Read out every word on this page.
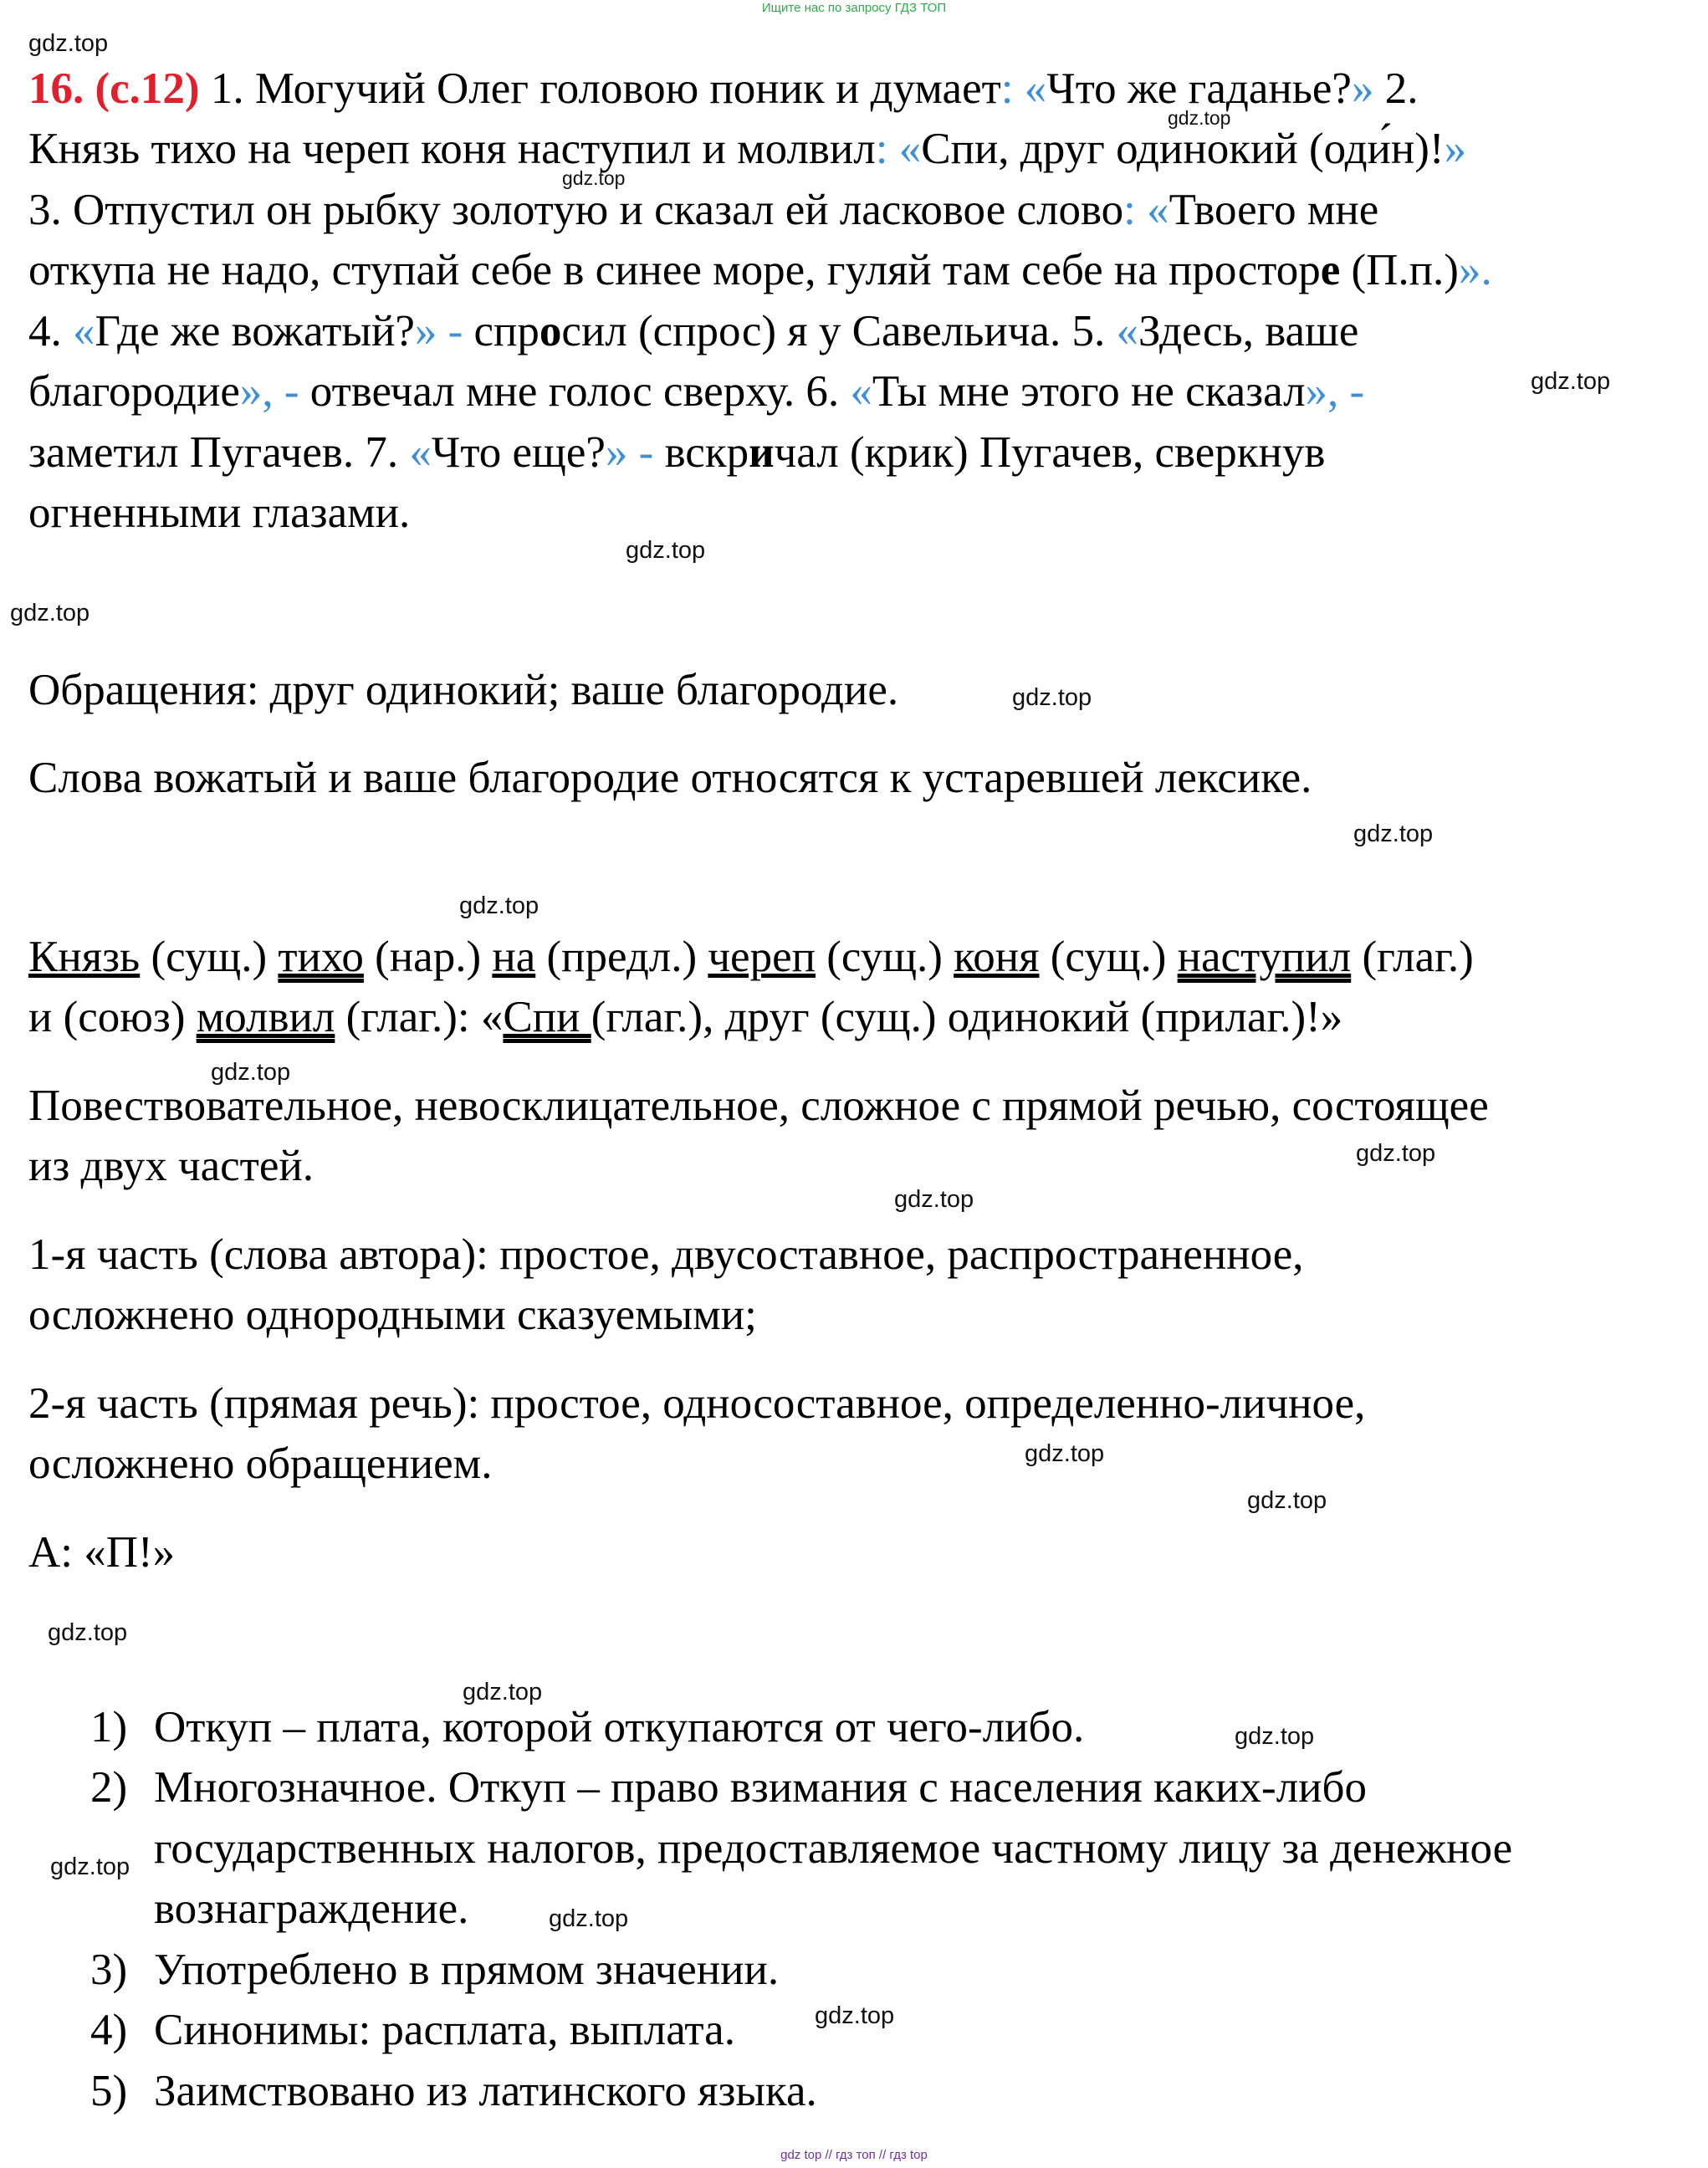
Ищите нас по запросу ГДЗ ТОП
16. (с.12) 1. Могучий Олег головою поник и думает: «Что же гаданье?» 2.
Князь тихо на череп коня наступил и молвил: «Спи, друг одинокий (оди́н)!»
3. Отпустил он рыбку золотую и сказал ей ласковое слово: «Твоего мне
откупа не надо, ступай себе в синее море, гуляй там себе на просторе (П.п.)».
4. «Где же вожатый?» - спросил (спрос) я у Савельича. 5. «Здесь, ваше
благородие», - отвечал мне голос сверху. 6. «Ты мне этого не сказал», -
заметил Пугачев. 7. «Что еще?» - вскричал (крик) Пугачев, сверкнув
огненными глазами.
Обращения: друг одинокий; ваше благородие.
Слова вожатый и ваше благородие относятся к устаревшей лексике.
Князь (сущ.) тихо (нар.) на (предл.) череп (сущ.) коня (сущ.) наступил (глаг.)
и (союз) молвил (глаг.): «Спи (глаг.), друг (сущ.) одинокий (прилаг.)!»
Повествовательное, невосклицательное, сложное с прямой речью, состоящее
из двух частей.
1-я часть (слова автора): простое, двусоставное, распространенное,
осложнено однородными сказуемыми;
2-я часть (прямая речь): простое, односоставное, определенно-личное,
осложнено обращением.
А: «П!»
1) Откуп – плата, которой откупаются от чего-либо.
2) Многозначное. Откуп – право взимания с населения каких-либо
государственных налогов, предоставляемое частному лицу за денежное
вознаграждение.
3) Употреблено в прямом значении.
4) Синонимы: расплата, выплата.
5) Заимствовано из латинского языка.
gdz.top
gdz.top
gdz.top
gdz.top
gdz.top
gdz.top
gdz.top
gdz.top
gdz.top
gdz.top
gdz.top
gdz.top
gdz.top
gdz.top
gdz.top
gdz.top
gdz.top
gdz.top
gdz.top
gdz.top
gdz top // гдз топ // гдз top
